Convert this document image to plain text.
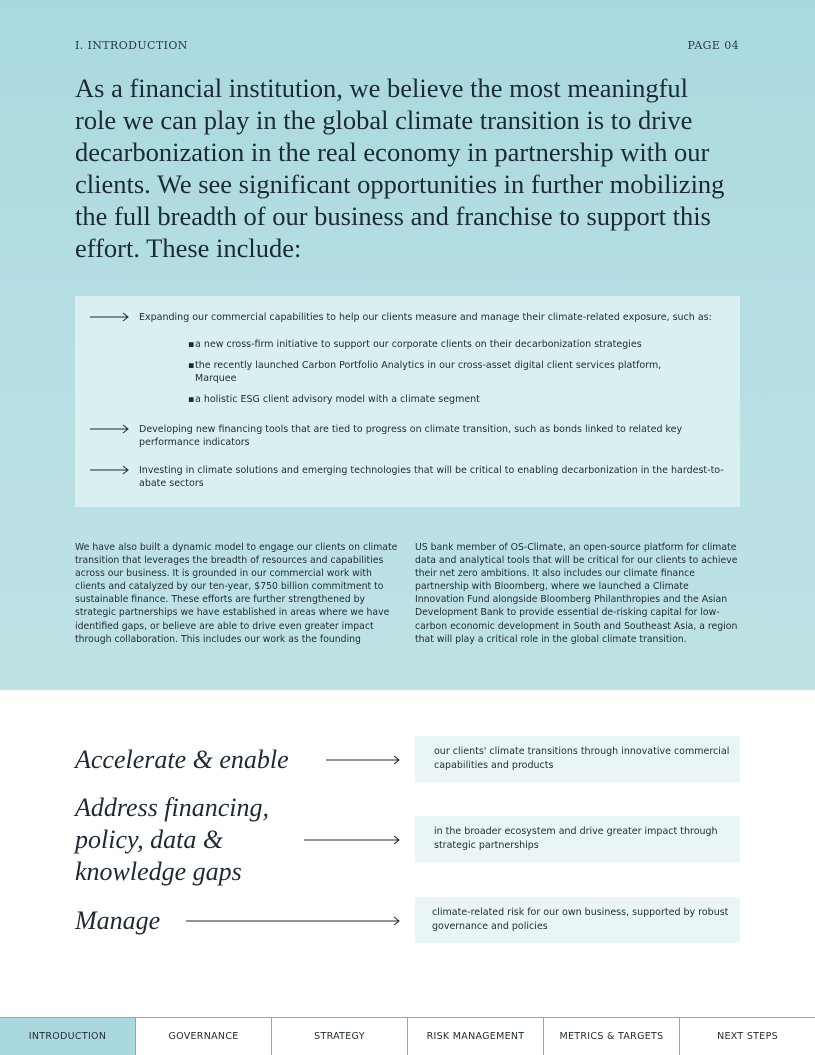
I. INTRODUCTION	PAGE 04
As a financial institution, we believe the most meaningful role we can play in the global climate transition is to drive decarbonization in the real economy in partnership with our clients. We see significant opportunities in further mobilizing the full breadth of our business and franchise to support this effort. These include:
Expanding our commercial capabilities to help our clients measure and manage their climate-related exposure, such as:
▪ a new cross-firm initiative to support our corporate clients on their decarbonization strategies
▪ the recently launched Carbon Portfolio Analytics in our cross-asset digital client services platform, Marquee
▪ a holistic ESG client advisory model with a climate segment
Developing new financing tools that are tied to progress on climate transition, such as bonds linked to related key performance indicators
Investing in climate solutions and emerging technologies that will be critical to enabling decarbonization in the hardest-to-abate sectors

We have also built a dynamic model to engage our clients on climate transition that leverages the breadth of resources and capabilities across our business. It is grounded in our commercial work with clients and catalyzed by our ten-year, $750 billion commitment to sustainable finance. These efforts are further strengthened by strategic partnerships we have established in areas where we have identified gaps, or believe are able to drive even greater impact through collaboration. This includes our work as the founding

US bank member of OS-Climate, an open-source platform for climate data and analytical tools that will be critical for our clients to achieve their net zero ambitions. It also includes our climate finance partnership with Bloomberg, where we launched a Climate Innovation Fund alongside Bloomberg Philanthropies and the Asian Development Bank to provide essential de-risking capital for low-carbon economic development in South and Southeast Asia, a region that will play a critical role in the global climate transition.

Accelerate & enable	our clients' climate transitions through innovative commercial capabilities and products
Address financing,
policy, data &
knowledge gaps
in the broader ecosystem and drive greater impact through strategic partnerships
Manage	climate-related risk for our own business, supported by robust governance and policies
INTRODUCTION	GOVERNANCE	STRATEGY	RISK MANAGEMENT	METRICS & TARGETS	NEXT STEPS
